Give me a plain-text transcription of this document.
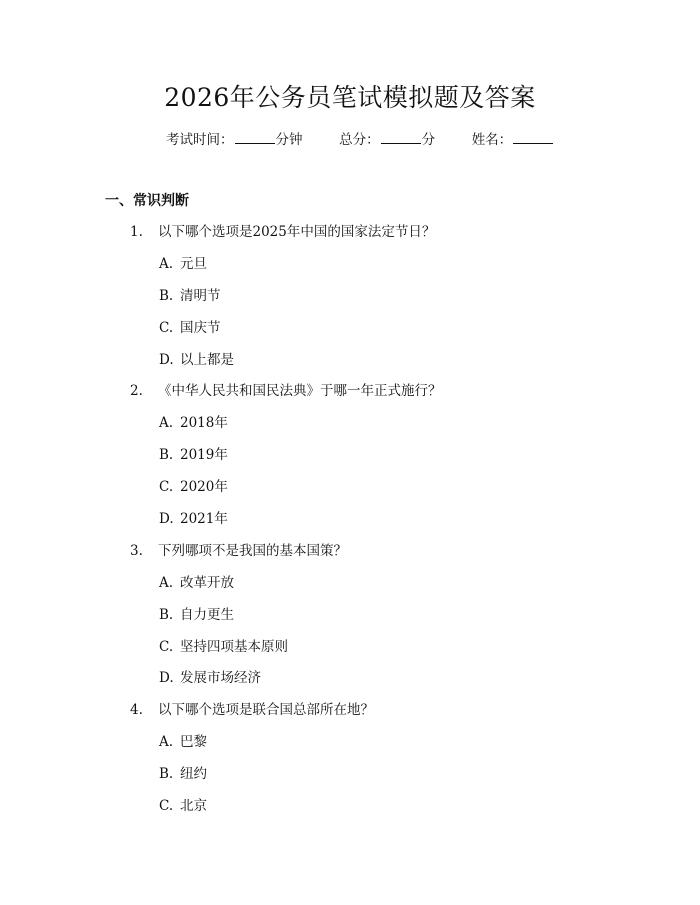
2026年公务员笔试模拟题及答案
考试时间：	分钟	总分：	分	姓名：
一、常识判断
1. 以下哪个选项是2025年中国的国家法定节日？
A. 元旦
B. 清明节
C. 国庆节
D. 以上都是
2. 《中华人民共和国民法典》于哪一年正式施行？
A. 2018年
B. 2019年
C. 2020年
D. 2021年
3. 下列哪项不是我国的基本国策？
A. 改革开放
B. 自力更生
C. 坚持四项基本原则
D. 发展市场经济
4. 以下哪个选项是联合国总部所在地？
A. 巴黎
B. 纽约
C. 北京
